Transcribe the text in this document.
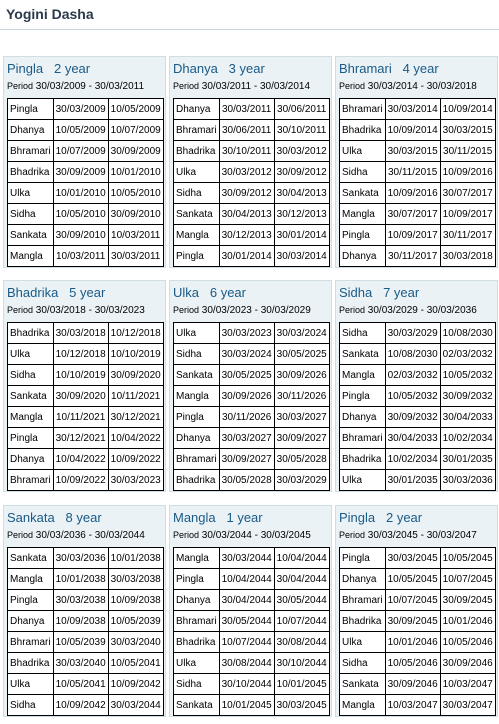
Yogini Dasha
Pingla 2 year
Period 30/03/2009 - 30/03/2011
Pingla	30/03/2009	10/05/2009
Dhanya	10/05/2009	10/07/2009
Bhramari	10/07/2009	30/09/2009
Bhadrika	30/09/2009	10/01/2010
Ulka	10/01/2010	10/05/2010
Sidha	10/05/2010	30/09/2010
Sankata	30/09/2010	10/03/2011
Mangla	10/03/2011	30/03/2011
Dhanya 3 year
Period 30/03/2011 - 30/03/2014
Dhanya	30/03/2011	30/06/2011
Bhramari	30/06/2011	30/10/2011
Bhadrika	30/10/2011	30/03/2012
Ulka	30/03/2012	30/09/2012
Sidha	30/09/2012	30/04/2013
Sankata	30/04/2013	30/12/2013
Mangla	30/12/2013	30/01/2014
Pingla	30/01/2014	30/03/2014
Bhramari 4 year
Period 30/03/2014 - 30/03/2018
Bhramari	30/03/2014	10/09/2014
Bhadrika	10/09/2014	30/03/2015
Ulka	30/03/2015	30/11/2015
Sidha	30/11/2015	10/09/2016
Sankata	10/09/2016	30/07/2017
Mangla	30/07/2017	10/09/2017
Pingla	10/09/2017	30/11/2017
Dhanya	30/11/2017	30/03/2018
Bhadrika 5 year
Period 30/03/2018 - 30/03/2023
Bhadrika	30/03/2018	10/12/2018
Ulka	10/12/2018	10/10/2019
Sidha	10/10/2019	30/09/2020
Sankata	30/09/2020	10/11/2021
Mangla	10/11/2021	30/12/2021
Pingla	30/12/2021	10/04/2022
Dhanya	10/04/2022	10/09/2022
Bhramari	10/09/2022	30/03/2023
Ulka 6 year
Period 30/03/2023 - 30/03/2029
Ulka	30/03/2023	30/03/2024
Sidha	30/03/2024	30/05/2025
Sankata	30/05/2025	30/09/2026
Mangla	30/09/2026	30/11/2026
Pingla	30/11/2026	30/03/2027
Dhanya	30/03/2027	30/09/2027
Bhramari	30/09/2027	30/05/2028
Bhadrika	30/05/2028	30/03/2029
Sidha 7 year
Period 30/03/2029 - 30/03/2036
Sidha	30/03/2029	10/08/2030
Sankata	10/08/2030	02/03/2032
Mangla	02/03/2032	10/05/2032
Pingla	10/05/2032	30/09/2032
Dhanya	30/09/2032	30/04/2033
Bhramari	30/04/2033	10/02/2034
Bhadrika	10/02/2034	30/01/2035
Ulka	30/01/2035	30/03/2036
Sankata 8 year
Period 30/03/2036 - 30/03/2044
Sankata	30/03/2036	10/01/2038
Mangla	10/01/2038	30/03/2038
Pingla	30/03/2038	10/09/2038
Dhanya	10/09/2038	10/05/2039
Bhramari	10/05/2039	30/03/2040
Bhadrika	30/03/2040	10/05/2041
Ulka	10/05/2041	10/09/2042
Sidha	10/09/2042	30/03/2044
Mangla 1 year
Period 30/03/2044 - 30/03/2045
Mangla	30/03/2044	10/04/2044
Pingla	10/04/2044	30/04/2044
Dhanya	30/04/2044	30/05/2044
Bhramari	30/05/2044	10/07/2044
Bhadrika	10/07/2044	30/08/2044
Ulka	30/08/2044	30/10/2044
Sidha	30/10/2044	10/01/2045
Sankata	10/01/2045	30/03/2045
Pingla 2 year
Period 30/03/2045 - 30/03/2047
Pingla	30/03/2045	10/05/2045
Dhanya	10/05/2045	10/07/2045
Bhramari	10/07/2045	30/09/2045
Bhadrika	30/09/2045	10/01/2046
Ulka	10/01/2046	10/05/2046
Sidha	10/05/2046	30/09/2046
Sankata	30/09/2046	10/03/2047
Mangla	10/03/2047	30/03/2047
